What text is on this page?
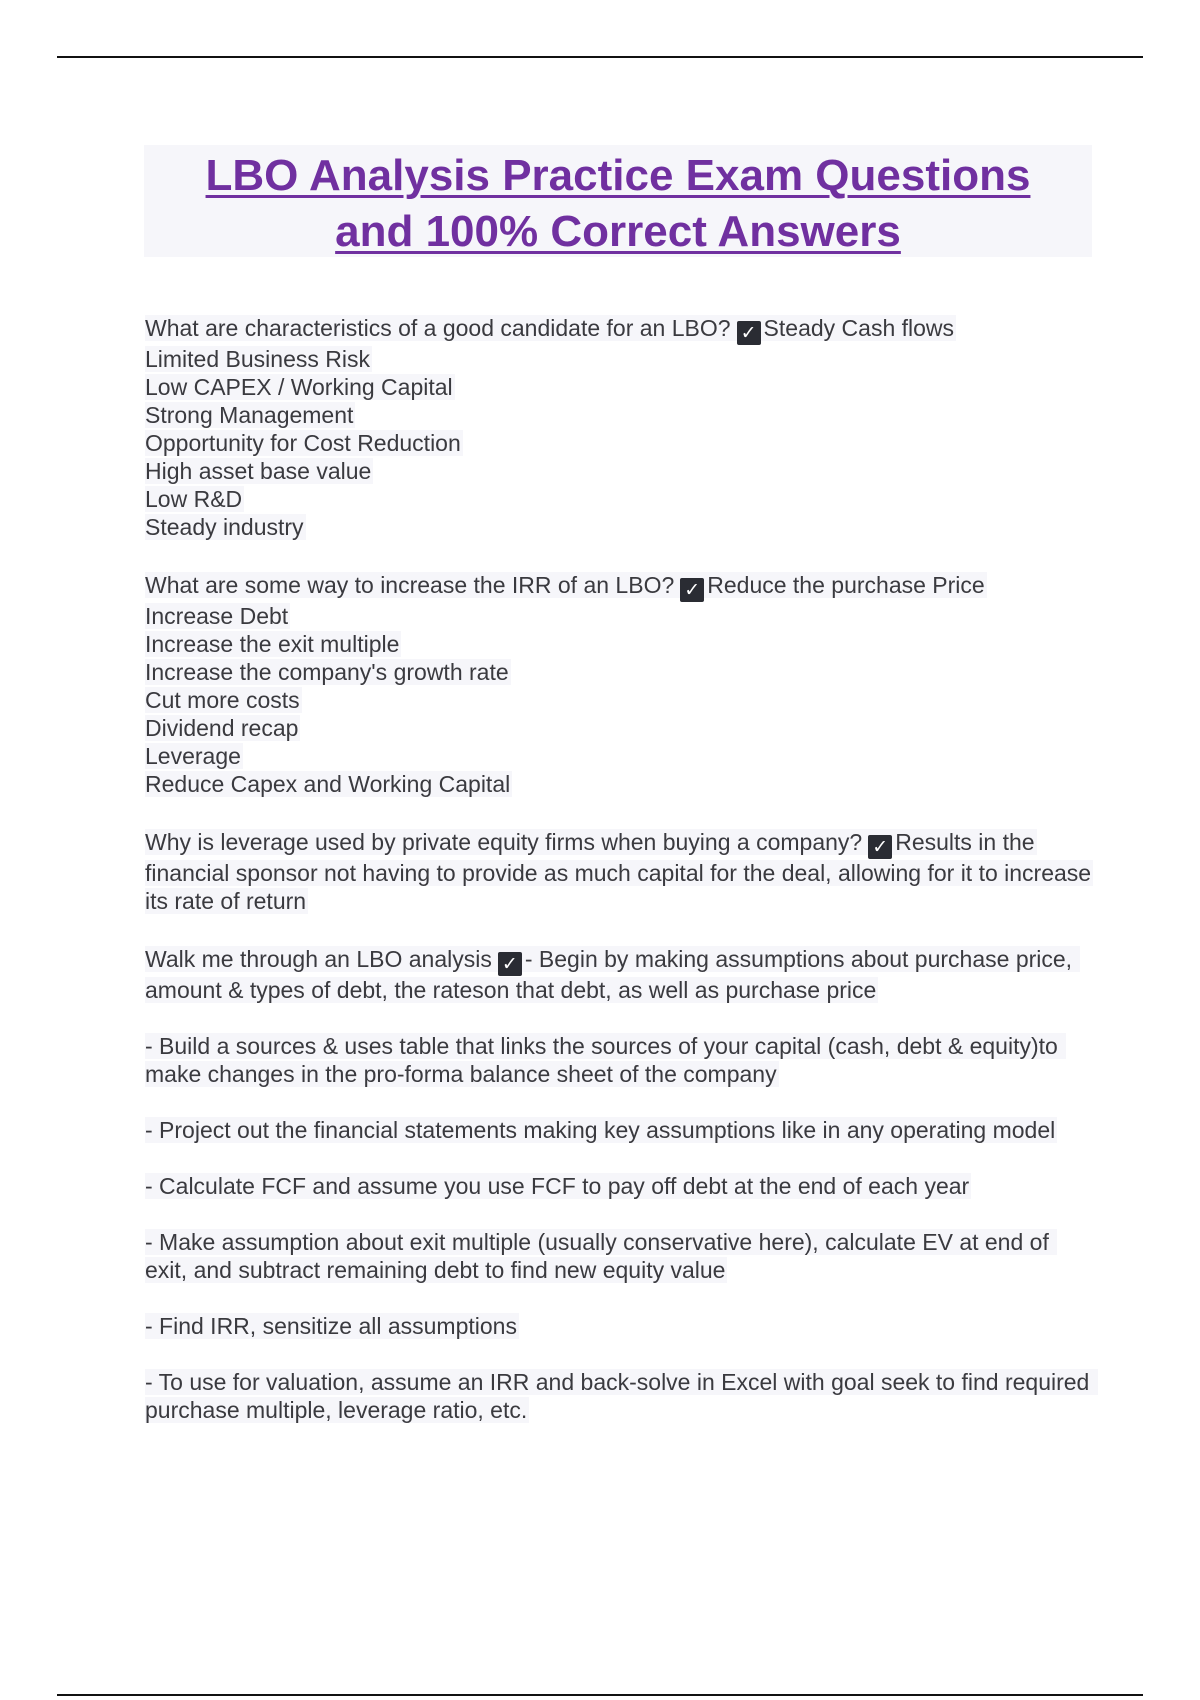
LBO Analysis Practice Exam Questions
and 100% Correct Answers
What are characteristics of a good candidate for an LBO? ✓ Steady Cash flows
Limited Business Risk
Low CAPEX / Working Capital
Strong Management
Opportunity for Cost Reduction
High asset base value
Low R&D
Steady industry
What are some way to increase the IRR of an LBO? ✓ Reduce the purchase Price
Increase Debt
Increase the exit multiple
Increase the company's growth rate
Cut more costs
Dividend recap
Leverage
Reduce Capex and Working Capital
Why is leverage used by private equity firms when buying a company? ✓ Results in the financial sponsor not having to provide as much capital for the deal, allowing for it to increase its rate of return
Walk me through an LBO analysis ✓ - Begin by making assumptions about purchase price, amount & types of debt, the rateson that debt, as well as purchase price
- Build a sources & uses table that links the sources of your capital (cash, debt & equity)to make changes in the pro-forma balance sheet of the company
- Project out the financial statements making key assumptions like in any operating model
- Calculate FCF and assume you use FCF to pay off debt at the end of each year
- Make assumption about exit multiple (usually conservative here), calculate EV at end of exit, and subtract remaining debt to find new equity value
- Find IRR, sensitize all assumptions
- To use for valuation, assume an IRR and back-solve in Excel with goal seek to find required purchase multiple, leverage ratio, etc.
